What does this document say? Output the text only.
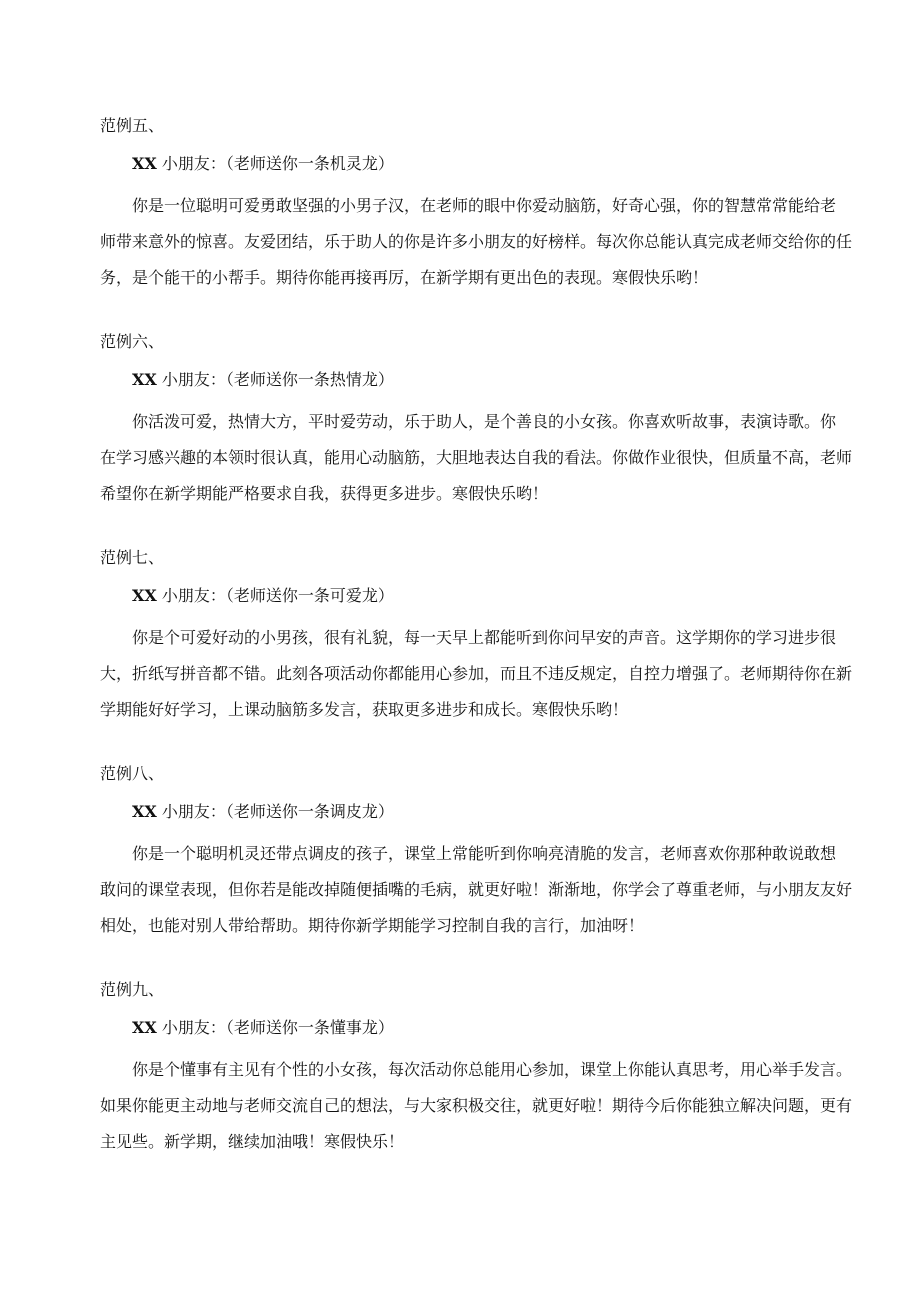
范例五、
XX 小朋友：（老师送你一条机灵龙）
你是一位聪明可爱勇敢坚强的小男子汉，在老师的眼中你爱动脑筋，好奇心强，你的智慧常常能给老
师带来意外的惊喜。友爱团结，乐于助人的你是许多小朋友的好榜样。每次你总能认真完成老师交给你的任
务，是个能干的小帮手。期待你能再接再厉，在新学期有更出色的表现。寒假快乐哟！
范例六、
XX 小朋友：（老师送你一条热情龙）
你活泼可爱，热情大方，平时爱劳动，乐于助人，是个善良的小女孩。你喜欢听故事，表演诗歌。你
在学习感兴趣的本领时很认真，能用心动脑筋，大胆地表达自我的看法。你做作业很快，但质量不高，老师
希望你在新学期能严格要求自我，获得更多进步。寒假快乐哟！
范例七、
XX 小朋友：（老师送你一条可爱龙）
你是个可爱好动的小男孩，很有礼貌，每一天早上都能听到你问早安的声音。这学期你的学习进步很
大，折纸写拼音都不错。此刻各项活动你都能用心参加，而且不违反规定，自控力增强了。老师期待你在新
学期能好好学习，上课动脑筋多发言，获取更多进步和成长。寒假快乐哟！
范例八、
XX 小朋友：（老师送你一条调皮龙）
你是一个聪明机灵还带点调皮的孩子，课堂上常能听到你响亮清脆的发言，老师喜欢你那种敢说敢想
敢问的课堂表现，但你若是能改掉随便插嘴的毛病，就更好啦！渐渐地，你学会了尊重老师，与小朋友友好
相处，也能对别人带给帮助。期待你新学期能学习控制自我的言行，加油呀！
范例九、
XX 小朋友：（老师送你一条懂事龙）
你是个懂事有主见有个性的小女孩，每次活动你总能用心参加，课堂上你能认真思考，用心举手发言。
如果你能更主动地与老师交流自己的想法，与大家积极交往，就更好啦！期待今后你能独立解决问题，更有
主见些。新学期，继续加油哦！寒假快乐！
